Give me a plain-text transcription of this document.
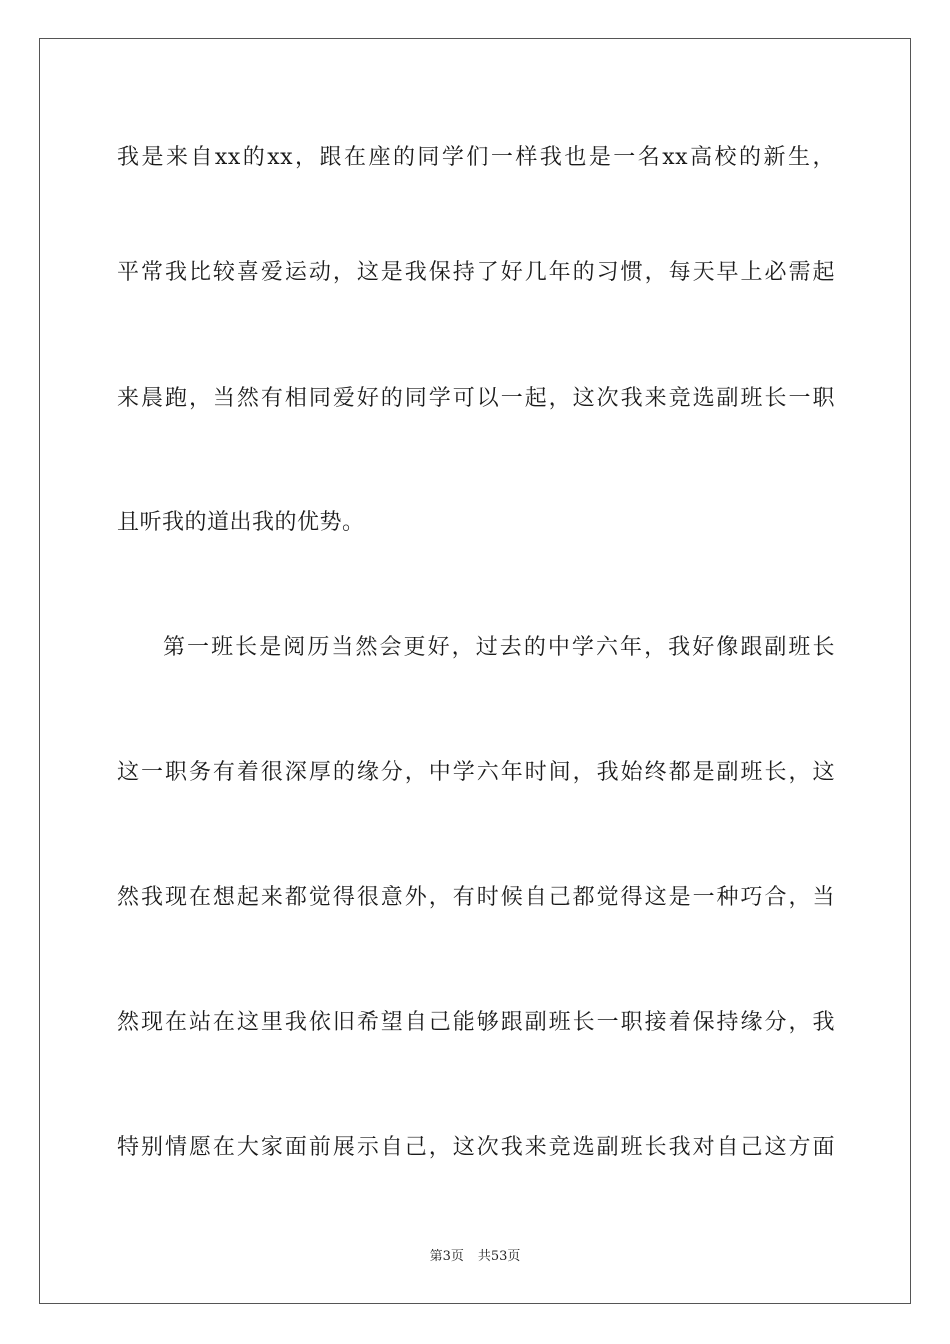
我是来自xx的xx，跟在座的同学们一样我也是一名xx高校的新生，
平常我比较喜爱运动，这是我保持了好几年的习惯，每天早上必需起
来晨跑，当然有相同爱好的同学可以一起，这次我来竞选副班长一职
且听我的道出我的优势。
第一班长是阅历当然会更好，过去的中学六年，我好像跟副班长
这一职务有着很深厚的缘分，中学六年时间，我始终都是副班长，这
然我现在想起来都觉得很意外，有时候自己都觉得这是一种巧合，当
然现在站在这里我依旧希望自己能够跟副班长一职接着保持缘分，我
特别情愿在大家面前展示自己，这次我来竞选副班长我对自己这方面
第3页 共53页
